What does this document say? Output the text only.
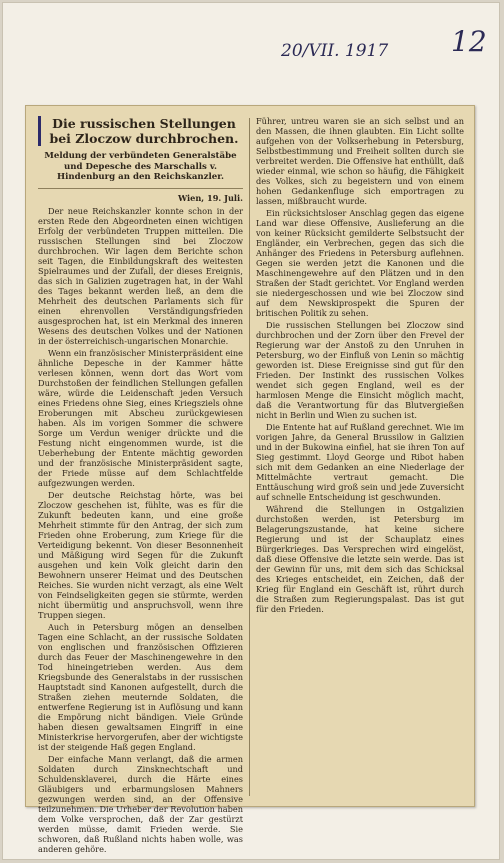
20/VII. 1917 12
Die russischen Stellungen bei Zloczow durchbrochen.
Meldung der verbündeten Generalstäbe und Depesche des Marschalls v. Hindenburg an den Reichskanzler.
Wien, 19. Juli.

Der neue Reichskanzler konnte schon in der ersten Rede den Abgeordneten einen wichtigen Erfolg der verbündeten Truppen mitteilen. Die russischen Stellungen sind bei Zloczow durchbrochen. Wir lagen dem Berichte schon seit Tagen, die Einbildungskraft des weitesten Spielraumes und der Zufall, der dieses Ereignis, das sich in Galizien zugetragen hat, in der Wahl des Tages bekannt werden ließ, an dem die Mehrheit des deutschen Parlaments sich für einen ehrenvollen Verständigungsfrieden ausgesprochen hat, ist ein Merkmal des inneren Wesens des deutschen Volkes und der Nationen in der österreichisch-ungarischen Monarchie.

Wenn ein französischer Ministerpräsident eine ähnliche Depesche in der Kammer hätte verlesen können, wenn dort das Wort vom Durchstoßen der feindlichen Stellungen gefallen wäre, würde die Leidenschaft jeden Versuch eines Friedens ohne Sieg, eines Kriegsziels ohne Eroberungen mit Abscheu zurückgewiesen haben. Als im vorigen Sommer die schwere Sorge um Verdun weniger drückte und die Festung nicht eingenommen wurde, ist die Ueberhebung der Entente mächtig geworden und der französische Ministerpräsident sagte, der Friede müsse auf dem Schlachtfelde aufgezwungen werden.

Der deutsche Reichstag hörte, was bei Zloczow geschehen ist, fühlte, was es für die Zukunft bedeuten kann, und eine große Mehrheit stimmte für den Antrag, der sich zum Frieden ohne Eroberung, zum Kriege für die Verteidigung bekennt. Von dieser Besonnenheit und Mäßigung wird Segen für die Zukunft ausgehen und kein Volk gleicht darin den Bewohnern unserer Heimat und des Deutschen Reiches. Sie wurden nicht verzagt, als eine Welt von Feindseligkeiten gegen sie stürmte, werden nicht übermütig und anspruchsvoll, wenn ihre Truppen siegen.

Auch in Petersburg mögen an denselben Tagen eine Schlacht, an der russische Soldaten von englischen und französischen Offizieren durch das Feuer der Maschinengewehre in den Tod hineingetrieben werden. Aus dem Kriegsbunde des Generalstabs in der russischen Hauptstadt sind Kanonen aufgestellt, durch die Straßen ziehen meuternde Soldaten, die entwerfene Regierung ist in Auflösung und kann die Empörung nicht bändigen. Viele Gründe haben diesen gewaltsamen Eingriff in eine Ministerkrise hervorgerufen, aber der wichtigste ist der steigende Haß gegen England.

Der einfache Mann verlangt, daß die armen Soldaten durch Zinsknechtschaft und Schuldensklaverei, durch die Härte eines Gläubigers und erbarmungslosen Mahners gezwungen werden sind, an der Offensive teilzunehmen. Die Urheber der Revolution haben dem Volke versprochen, daß der Zar gestürzt werden müsse, damit Frieden werde. Sie schworen, daß Rußland nichts haben wolle, was anderen gehöre.

Führer, untreu waren sie an sich selbst und an den Massen, die ihnen glaubten. Ein Licht sollte aufgehen von der Volkserhebung in Petersburg, Selbstbestimmung und Freiheit sollten durch sie verbreitet werden. Die Offensive hat enthüllt, daß wieder einmal, wie schon so häufig, die Fähigkeit des Volkes, sich zu begeistern und von einem hohen Gedankenfluge sich emportragen zu lassen, mißbraucht wurde.

Ein rücksichtsloser Anschlag gegen das eigene Land war diese Offensive, Auslieferung an die von keiner Rücksicht gemilderte Selbstsucht der Engländer, ein Verbrechen, gegen das sich die Anhänger des Friedens in Petersburg auflehnen. Gegen sie werden jetzt die Kanonen und die Maschinengewehre auf den Plätzen und in den Straßen der Stadt gerichtet. Vor England werden sie niedergeschossen und wie bei Zloczow sind auf dem Newskiprospekt die Spuren der britischen Politik zu sehen.

Die russischen Stellungen bei Zloczow sind durchbrochen und der Zorn über den Frevel der Regierung war der Anstoß zu den Unruhen in Petersburg, wo der Einfluß von Lenin so mächtig geworden ist. Diese Ereignisse sind gut für den Frieden. Der Instinkt des russischen Volkes wendet sich gegen England, weil es der harmlosen Menge die Einsicht möglich macht, daß die Verantwortung für das Blutvergießen nicht in Berlin und Wien zu suchen ist.

Die Entente hat auf Rußland gerechnet. Wie im vorigen Jahre, da General Brussilow in Galizien und in der Bukowina einfiel, hat sie ihren Ton auf Sieg gestimmt. Lloyd George und Ribot haben sich mit dem Gedanken an eine Niederlage der Mittelmächte vertraut gemacht. Die Enttäuschung wird groß sein und jede Zuversicht auf schnelle Entscheidung ist geschwunden.

Während die Stellungen in Ostgalizien durchstoßen werden, ist Petersburg im Belagerungszustande, hat keine sichere Regierung und ist der Schauplatz eines Bürgerkrieges. Das Versprechen wird eingelöst, daß diese Offensive die letzte sein werde. Das ist der Gewinn für uns, mit dem sich das Schicksal des Krieges entscheidet, ein Zeichen, daß der Krieg für England ein Geschäft ist, rührt durch die Straßen zum Regierungspalast. Das ist gut für den Frieden.
